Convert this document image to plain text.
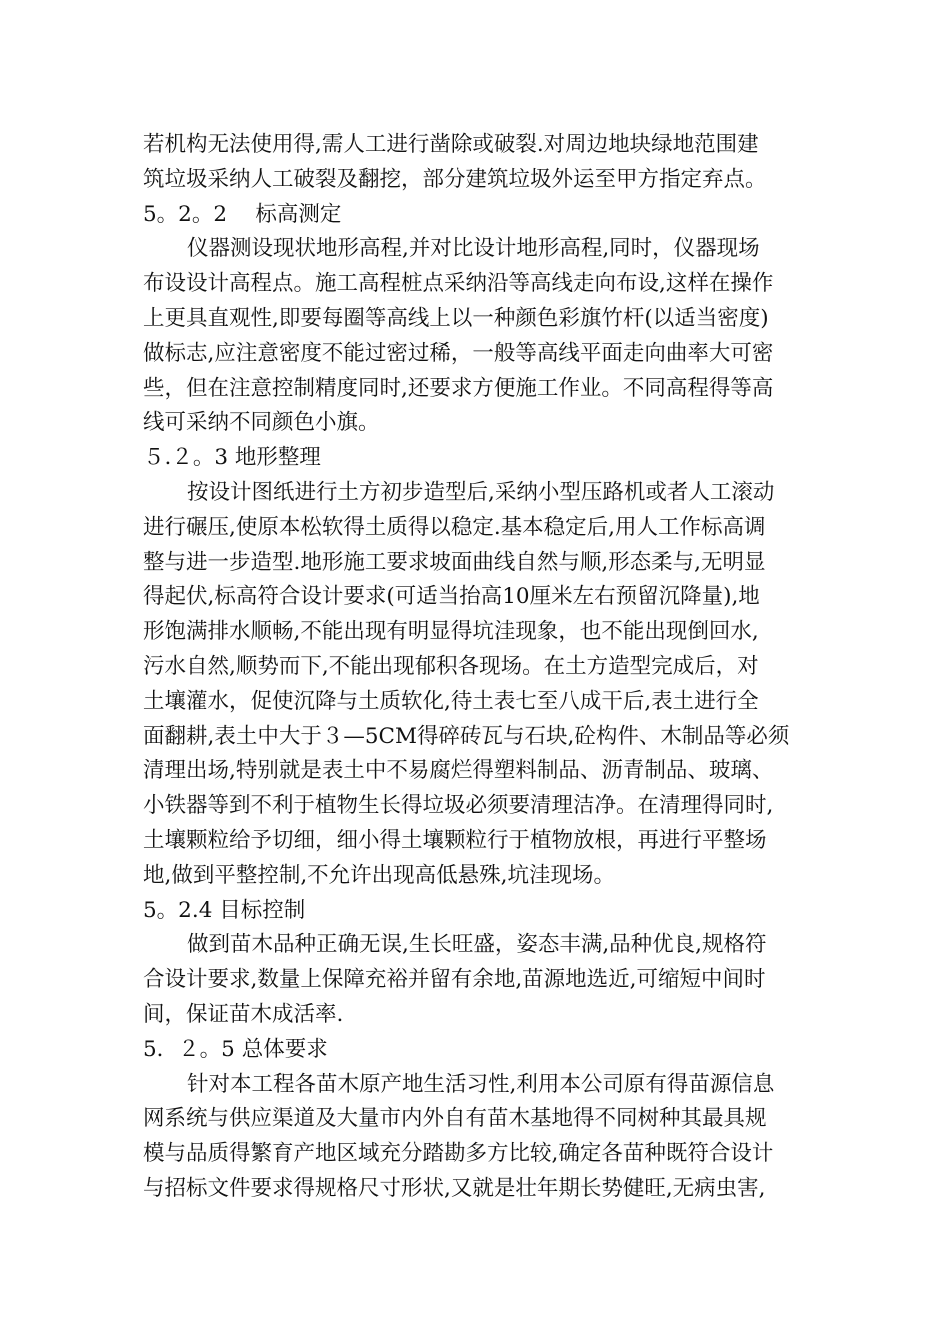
若机构无法使用得,需人工进行凿除或破裂.对周边地块绿地范围建
筑垃圾采纳人工破裂及翻挖，部分建筑垃圾外运至甲方指定弃点。
5。2。2　 标高测定
仪器测设现状地形高程,并对比设计地形高程,同时，仪器现场
布设设计高程点。施工高程桩点采纳沿等高线走向布设,这样在操作
上更具直观性,即要每圈等高线上以一种颜色彩旗竹杆(以适当密度)
做标志,应注意密度不能过密过稀，一般等高线平面走向曲率大可密
些，但在注意控制精度同时,还要求方便施工作业。不同高程得等高
线可采纳不同颜色小旗。
５.２。3 地形整理
按设计图纸进行土方初步造型后,采纳小型压路机或者人工滚动
进行碾压,使原本松软得土质得以稳定.基本稳定后,用人工作标高调
整与进一步造型.地形施工要求坡面曲线自然与顺,形态柔与,无明显
得起伏,标高符合设计要求(可适当抬高10厘米左右预留沉降量),地
形饱满排水顺畅,不能出现有明显得坑洼现象，也不能出现倒回水,
污水自然,顺势而下,不能出现郁积各现场。在土方造型完成后，对
土壤灌水，促使沉降与土质软化,待土表七至八成干后,表土进行全
面翻耕,表土中大于３—5CM得碎砖瓦与石块,砼构件、木制品等必须
清理出场,特别就是表土中不易腐烂得塑料制品、沥青制品、玻璃、
小铁器等到不利于植物生长得垃圾必须要清理洁净。在清理得同时,
土壤颗粒给予切细，细小得土壤颗粒行于植物放根，再进行平整场
地,做到平整控制,不允许出现高低悬殊,坑洼现场。
5。2.4 目标控制
做到苗木品种正确无误,生长旺盛，姿态丰满,品种优良,规格符
合设计要求,数量上保障充裕并留有余地,苗源地选近,可缩短中间时
间，保证苗木成活率.
5．２。5 总体要求
针对本工程各苗木原产地生活习性,利用本公司原有得苗源信息
网系统与供应渠道及大量市内外自有苗木基地得不同树种其最具规
模与品质得繁育产地区域充分踏勘多方比较,确定各苗种既符合设计
与招标文件要求得规格尺寸形状,又就是壮年期长势健旺,无病虫害,
